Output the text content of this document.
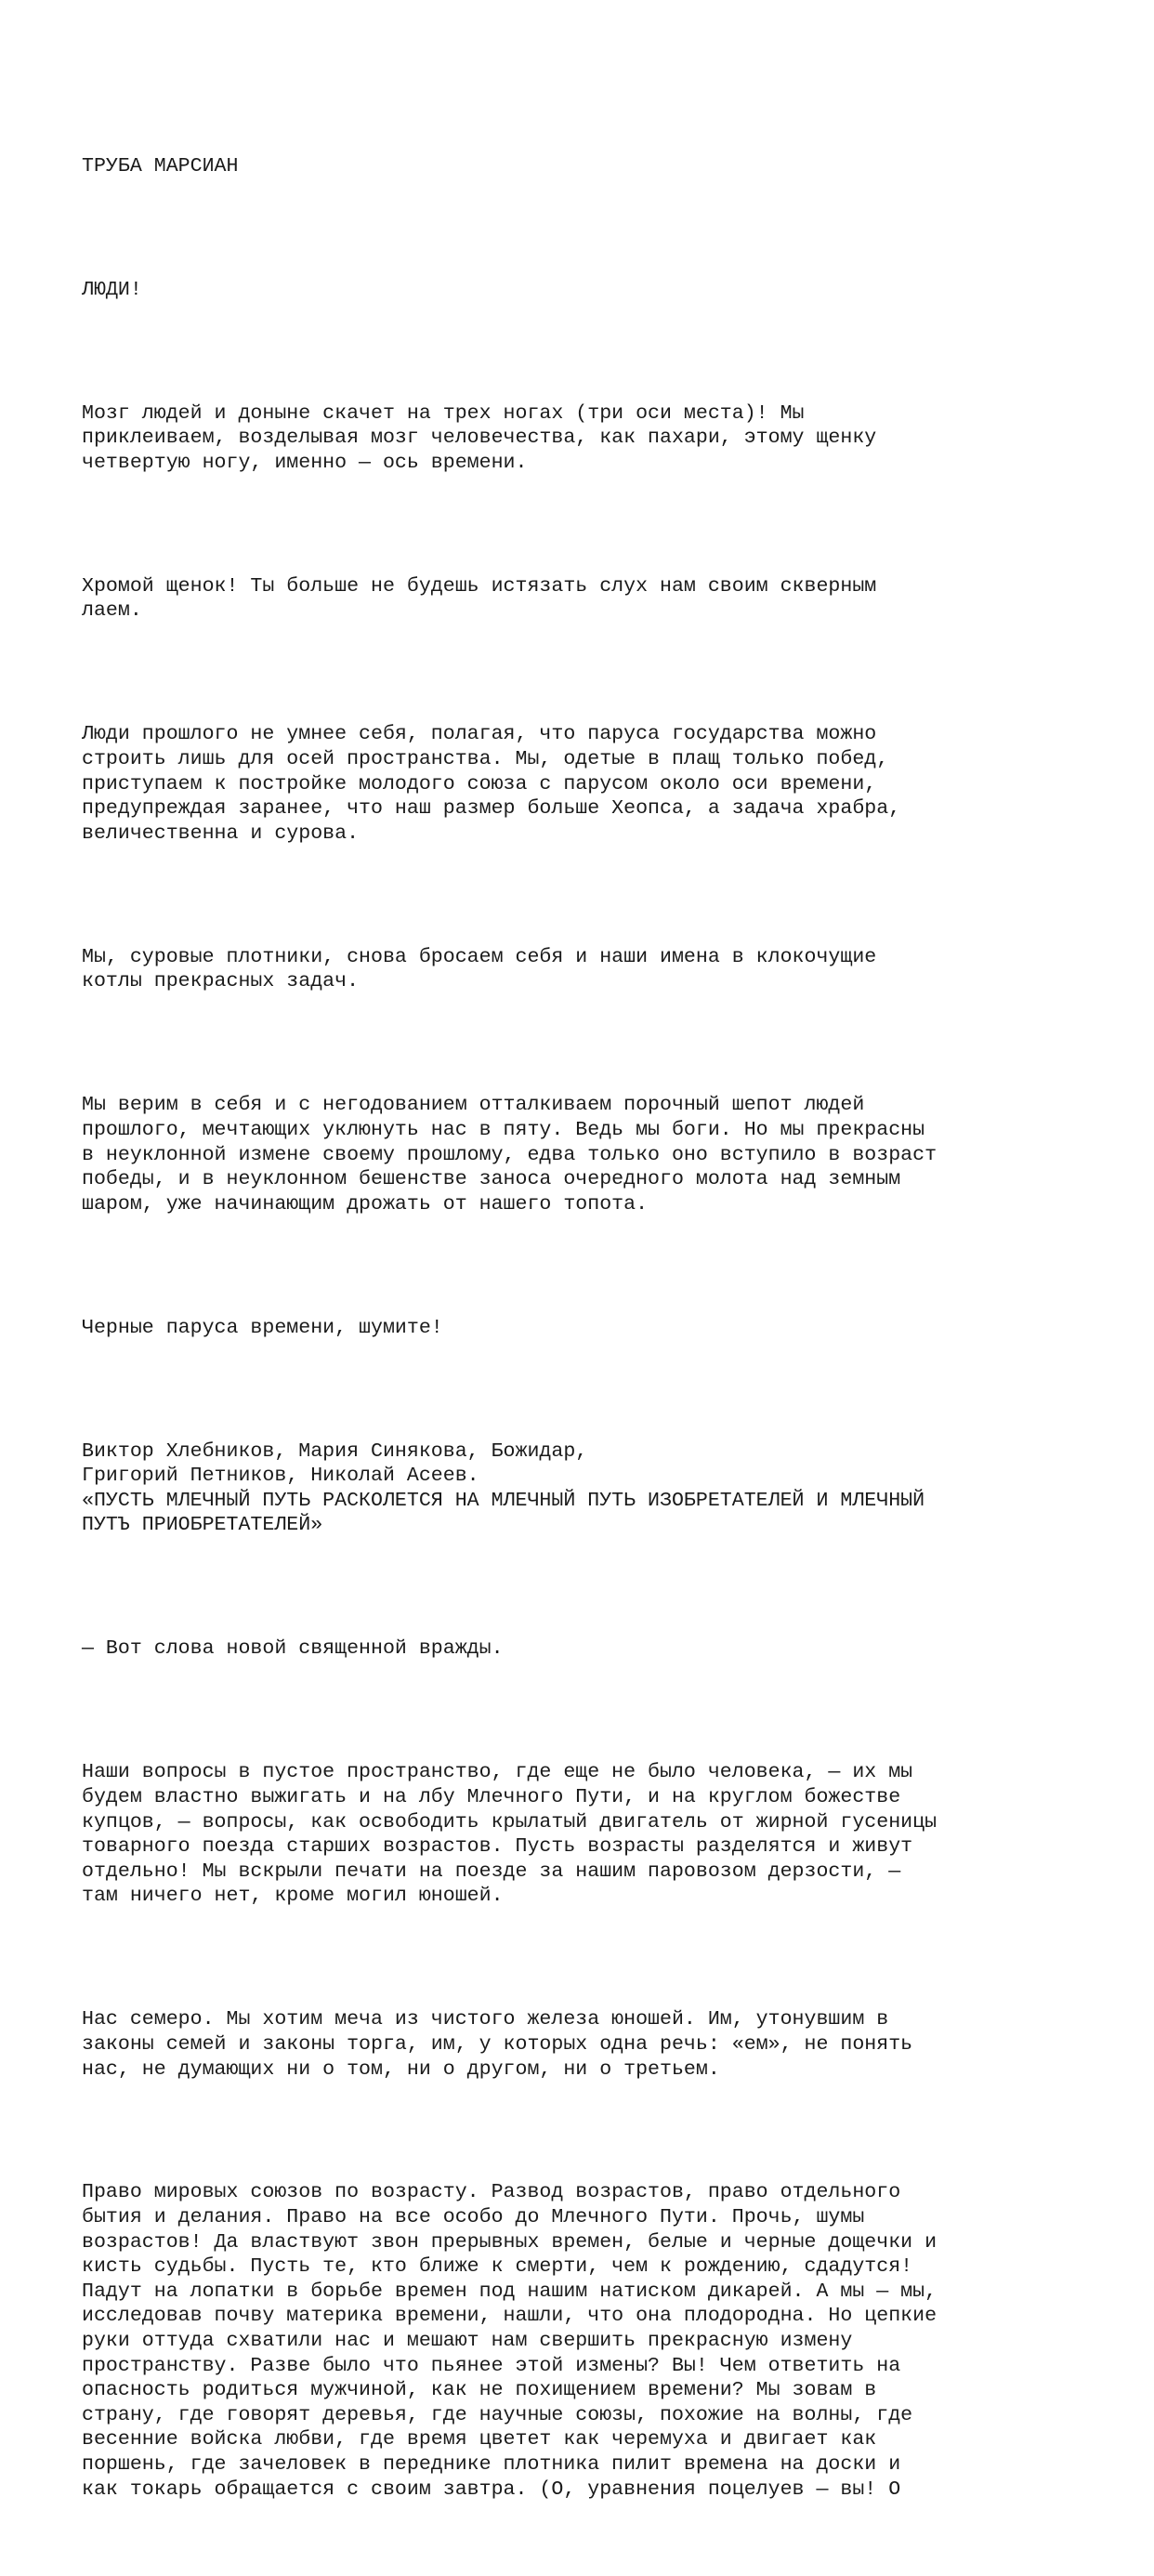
ТРУБА МАРСИАН

ЛЮДИ!

Мозг людей и доныне скачет на трех ногах (три оси места)! Мы
приклеиваем, возделывая мозг человечества, как пахари, этому щенку
четвертую ногу, именно — ось времени.

Хромой щенок! Ты больше не будешь истязать слух нам своим скверным
лаем.

Люди прошлого не умнее себя, полагая, что паруса государства можно
строить лишь для осей пространства. Мы, одетые в плащ только побед,
приступаем к постройке молодого союза с парусом около оси времени,
предупреждая заранее, что наш размер больше Хеопса, а задача храбра,
величественна и сурова.

Мы, суровые плотники, снова бросаем себя и наши имена в клокочущие
котлы прекрасных задач.

Мы верим в себя и с негодованием отталкиваем порочный шепот людей
прошлого, мечтающих уклюнуть нас в пяту. Ведь мы боги. Но мы прекрасны
в неуклонной измене своему прошлому, едва только оно вступило в возраст
победы, и в неуклонном бешенстве заноса очередного молота над земным
шаром, уже начинающим дрожать от нашего топота.

Черные паруса времени, шумите!

Виктор Хлебников, Мария Синякова, Божидар,
Григорий Петников, Николай Асеев.
«ПУСТЬ МЛЕЧНЫЙ ПУТЬ РАСКОЛЕТСЯ НА МЛЕЧНЫЙ ПУТЬ ИЗОБРЕТАТЕЛЕЙ И МЛЕЧНЫЙ
ПУТЪ ПРИОБРЕТАТЕЛЕЙ»

— Вот слова новой священной вражды.

Наши вопросы в пустое пространство, где еще не было человека, — их мы
будем властно выжигать и на лбу Млечного Пути, и на круглом божестве
купцов, — вопросы, как освободить крылатый двигатель от жирной гусеницы
товарного поезда старших возрастов. Пусть возрасты разделятся и живут
отдельно! Мы вскрыли печати на поезде за нашим паровозом дерзости, —
там ничего нет, кроме могил юношей.

Нас семеро. Мы хотим меча из чистого железа юношей. Им, утонувшим в
законы семей и законы торга, им, у которых одна речь: «ем», не понять
нас, не думающих ни о том, ни о другом, ни о третьем.

Право мировых союзов по возрасту. Развод возрастов, право отдельного
бытия и делания. Право на все особо до Млечного Пути. Прочь, шумы
возрастов! Да властвуют звон прерывных времен, белые и черные дощечки и
кисть судьбы. Пусть те, кто ближе к смерти, чем к рождению, сдадутся!
Падут на лопатки в борьбе времен под нашим натиском дикарей. А мы — мы,
исследовав почву материка времени, нашли, что она плодородна. Но цепкие
руки оттуда схватили нас и мешают нам свершить прекрасную измену
пространству. Разве было что пьянее этой измены? Вы! Чем ответить на
опасность родиться мужчиной, как не похищением времени? Мы зовам в
страну, где говорят деревья, где научные союзы, похожие на волны, где
весенние войска любви, где время цветет как черемуха и двигает как
поршень, где зачеловек в переднике плотника пилит времена на доски и
как токарь обращается с своим завтра. (О, уравнения поцелуев — вы! О
